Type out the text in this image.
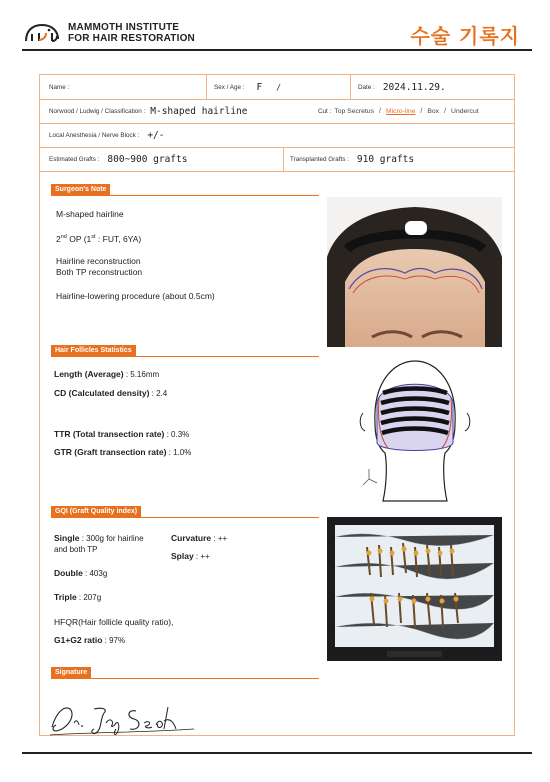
MAMMOTH INSTITUTE
FOR HAIR RESTORATION	수술 기록지
Name :	Sex / Age : F /	Date : 2024.11.29.
Norwood / Ludwig / Classification : M-shaped hairline	Cut : Top Secretus / Micro-line / Box / Undercut
Local Anesthesia / Nerve Block : +/-
Estimated Grafts : 800~900 grafts	Transplanted Grafts : 910 grafts
Surgeon's Note
M-shaped hairline
2nd OP (1st : FUT, 6YA)
Hairline reconstruction
Both TP reconstruction
Hairline-lowering procedure (about 0.5cm)
Hair Follicles Statistics
Length (Average) : 5.16mm
CD (Calculated density) : 2.4
TTR (Total transection rate) : 0.3%
GTR (Graft transection rate) : 1.0%
GQI (Graft Quality index)
Single : 300g for hairline
and both TP
Curvature : ++
Splay : ++
Double : 403g
Triple : 207g
HFQR(Hair follicle quality ratio),
G1+G2 ratio : 97%
Signature
